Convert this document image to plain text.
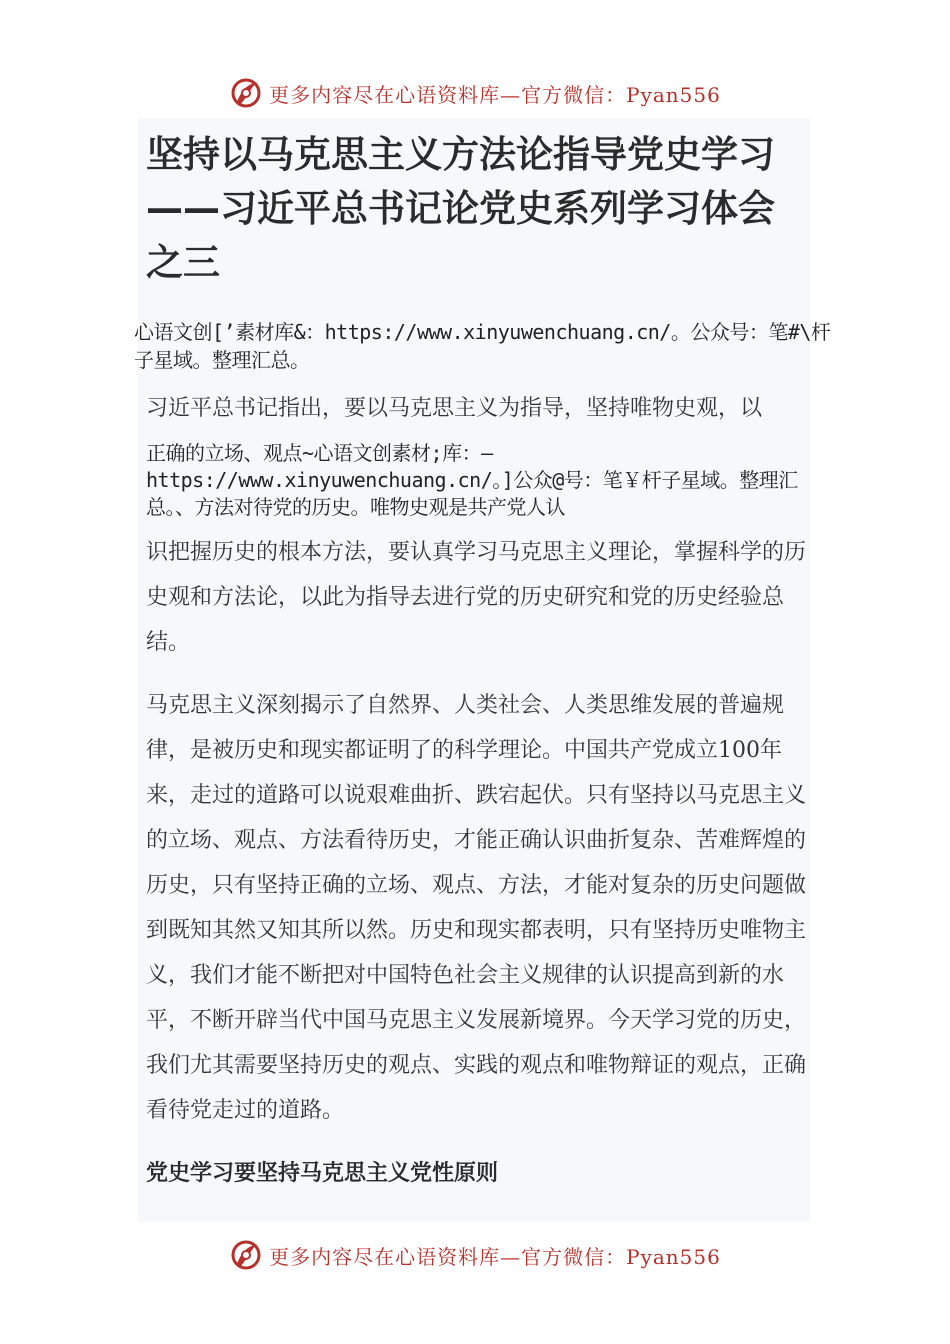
更多内容尽在心语资料库—官方微信：Pyan556
坚持以马克思主义方法论指导党史学习——习近平总书记论党史系列学习体会之三

心语文创[’素材库&：https://www.xinyuwenchuang.cn/。公众号：笔#\杆子星域。整理汇总。

习近平总书记指出，要以马克思主义为指导，坚持唯物史观，以

正确的立场、观点~心语文创素材;库：—https://www.xinyuwenchuang.cn/。]公众@号：笔￥杆子星域。整理汇总。、方法对待党的历史。唯物史观是共产党人认

识把握历史的根本方法，要认真学习马克思主义理论，掌握科学的历史观和方法论，以此为指导去进行党的历史研究和党的历史经验总结。

马克思主义深刻揭示了自然界、人类社会、人类思维发展的普遍规律，是被历史和现实都证明了的科学理论。中国共产党成立100年来，走过的道路可以说艰难曲折、跌宕起伏。只有坚持以马克思主义的立场、观点、方法看待历史，才能正确认识曲折复杂、苦难辉煌的历史，只有坚持正确的立场、观点、方法，才能对复杂的历史问题做到既知其然又知其所以然。历史和现实都表明，只有坚持历史唯物主义，我们才能不断把对中国特色社会主义规律的认识提高到新的水平，不断开辟当代中国马克思主义发展新境界。今天学习党的历史，我们尤其需要坚持历史的观点、实践的观点和唯物辩证的观点，正确看待党走过的道路。

党史学习要坚持马克思主义党性原则
更多内容尽在心语资料库—官方微信：Pyan556
